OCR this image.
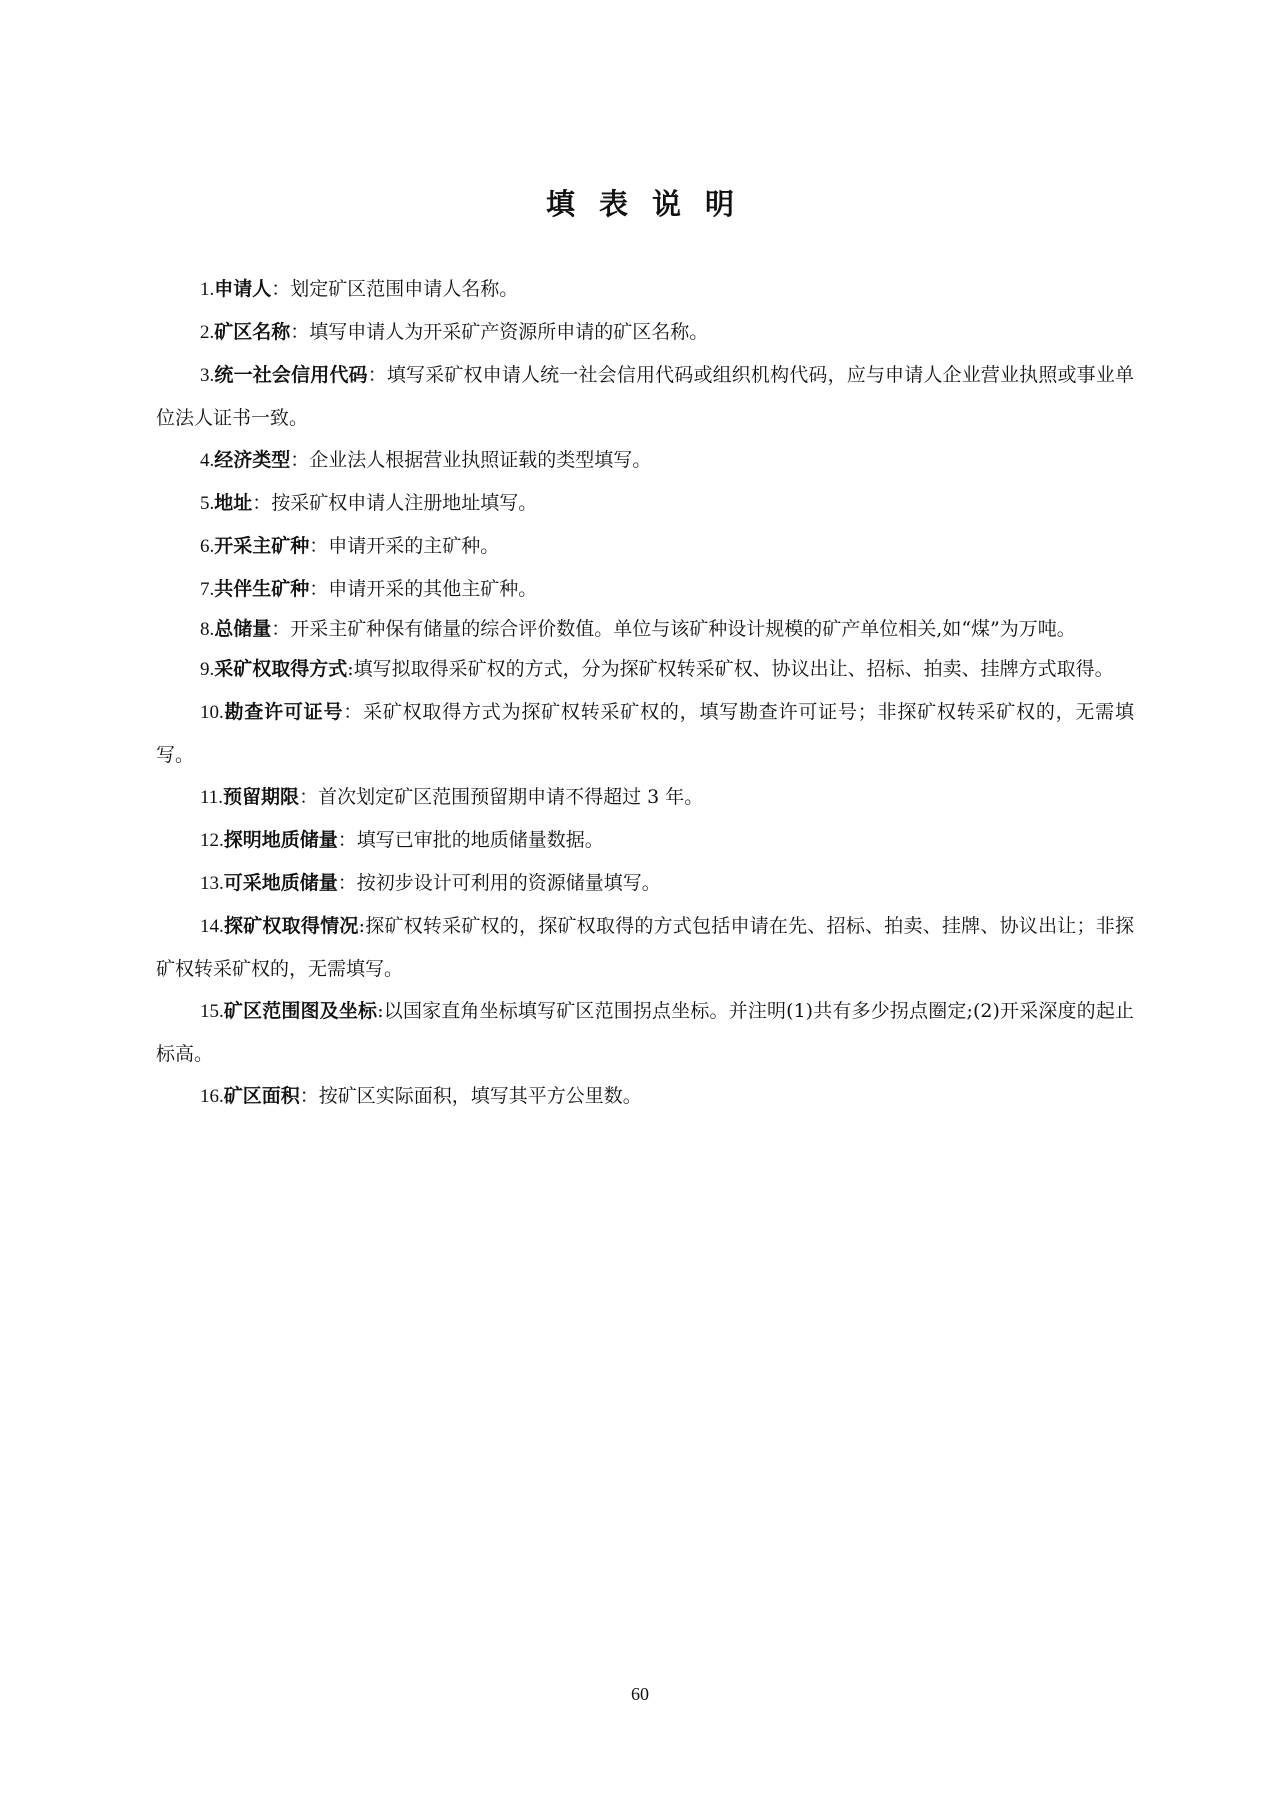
填表说明
1.申请人：划定矿区范围申请人名称。
2.矿区名称：填写申请人为开采矿产资源所申请的矿区名称。
3.统一社会信用代码：填写采矿权申请人统一社会信用代码或组织机构代码，应与申请人企业营业执照或事业单位法人证书一致。
4.经济类型：企业法人根据营业执照证载的类型填写。
5.地址：按采矿权申请人注册地址填写。
6.开采主矿种：申请开采的主矿种。
7.共伴生矿种：申请开采的其他主矿种。
8.总储量：开采主矿种保有储量的综合评价数值。单位与该矿种设计规模的矿产单位相关,如“煤”为万吨。
9.采矿权取得方式:填写拟取得采矿权的方式，分为探矿权转采矿权、协议出让、招标、拍卖、挂牌方式取得。
10.勘查许可证号：采矿权取得方式为探矿权转采矿权的，填写勘查许可证号；非探矿权转采矿权的，无需填写。
11.预留期限：首次划定矿区范围预留期申请不得超过 3 年。
12.探明地质储量：填写已审批的地质储量数据。
13.可采地质储量：按初步设计可利用的资源储量填写。
14.探矿权取得情况:探矿权转采矿权的，探矿权取得的方式包括申请在先、招标、拍卖、挂牌、协议出让；非探矿权转采矿权的，无需填写。
15.矿区范围图及坐标:以国家直角坐标填写矿区范围拐点坐标。并注明(1)共有多少拐点圈定;(2)开采深度的起止标高。
16.矿区面积：按矿区实际面积，填写其平方公里数。
60
